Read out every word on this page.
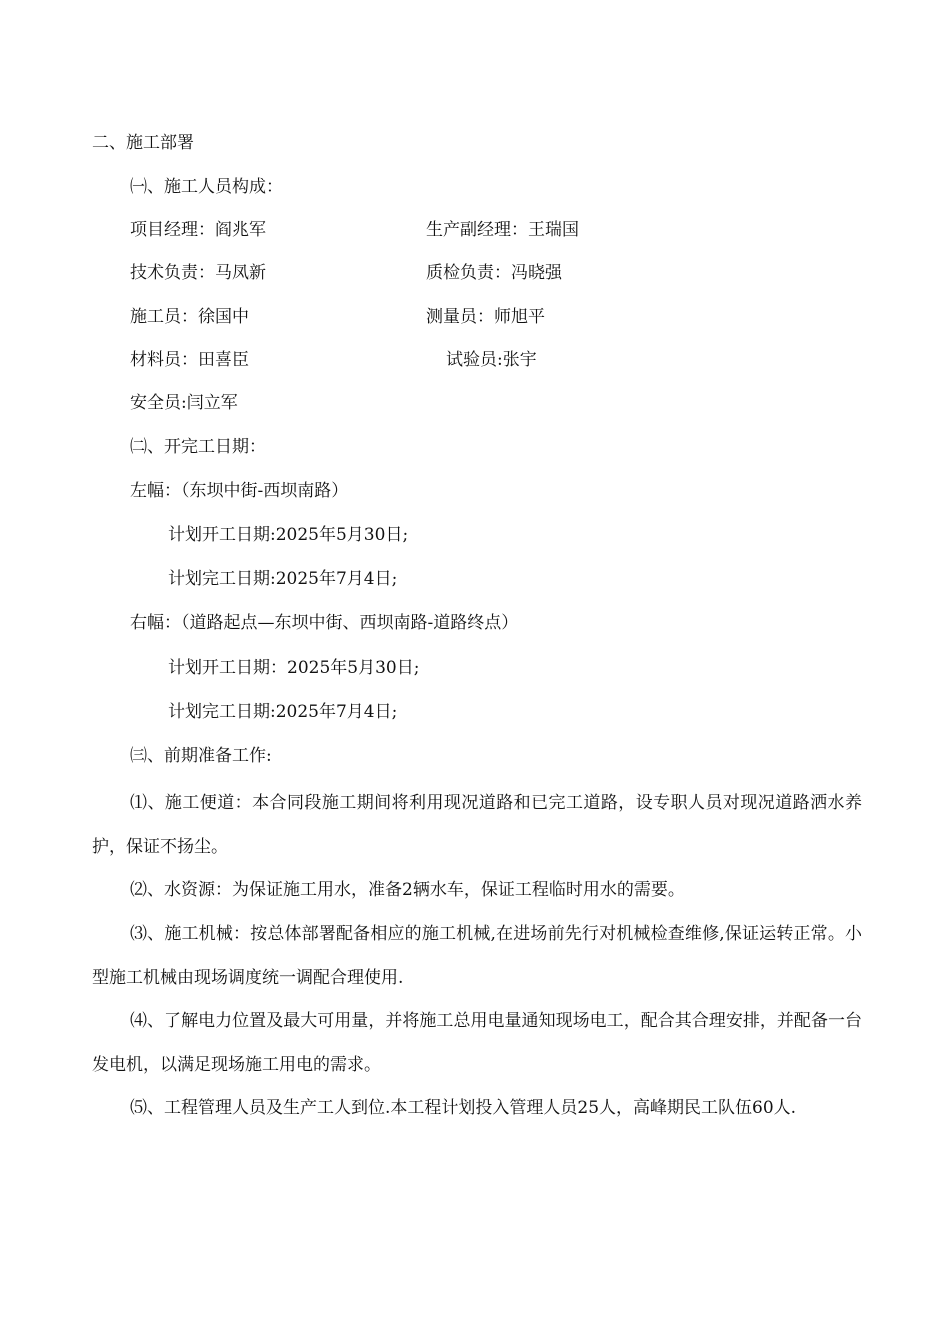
二、施工部署
㈠、施工人员构成：
项目经理：阎兆军	生产副经理：王瑞国
技术负责：马凤新	质检负责：冯晓强
施工员：徐国中	测量员：师旭平
材料员：田喜臣	试验员:张宇
安全员:闫立军
㈡、开完工日期：
左幅：（东坝中街-西坝南路）
计划开工日期:2025年5月30日;
计划完工日期:2025年7月4日;
右幅：（道路起点—东坝中街、西坝南路-道路终点）
计划开工日期：2025年5月30日;
计划完工日期:2025年7月4日;
㈢、前期准备工作:
⑴、施工便道：本合同段施工期间将利用现况道路和已完工道路，设专职人员对现况道路洒水养护，保证不扬尘。
⑵、水资源：为保证施工用水，准备2辆水车，保证工程临时用水的需要。
⑶、施工机械：按总体部署配备相应的施工机械,在进场前先行对机械检查维修,保证运转正常。小型施工机械由现场调度统一调配合理使用.
⑷、了解电力位置及最大可用量，并将施工总用电量通知现场电工，配合其合理安排，并配备一台发电机，以满足现场施工用电的需求。
⑸、工程管理人员及生产工人到位.本工程计划投入管理人员25人，高峰期民工队伍60人.
